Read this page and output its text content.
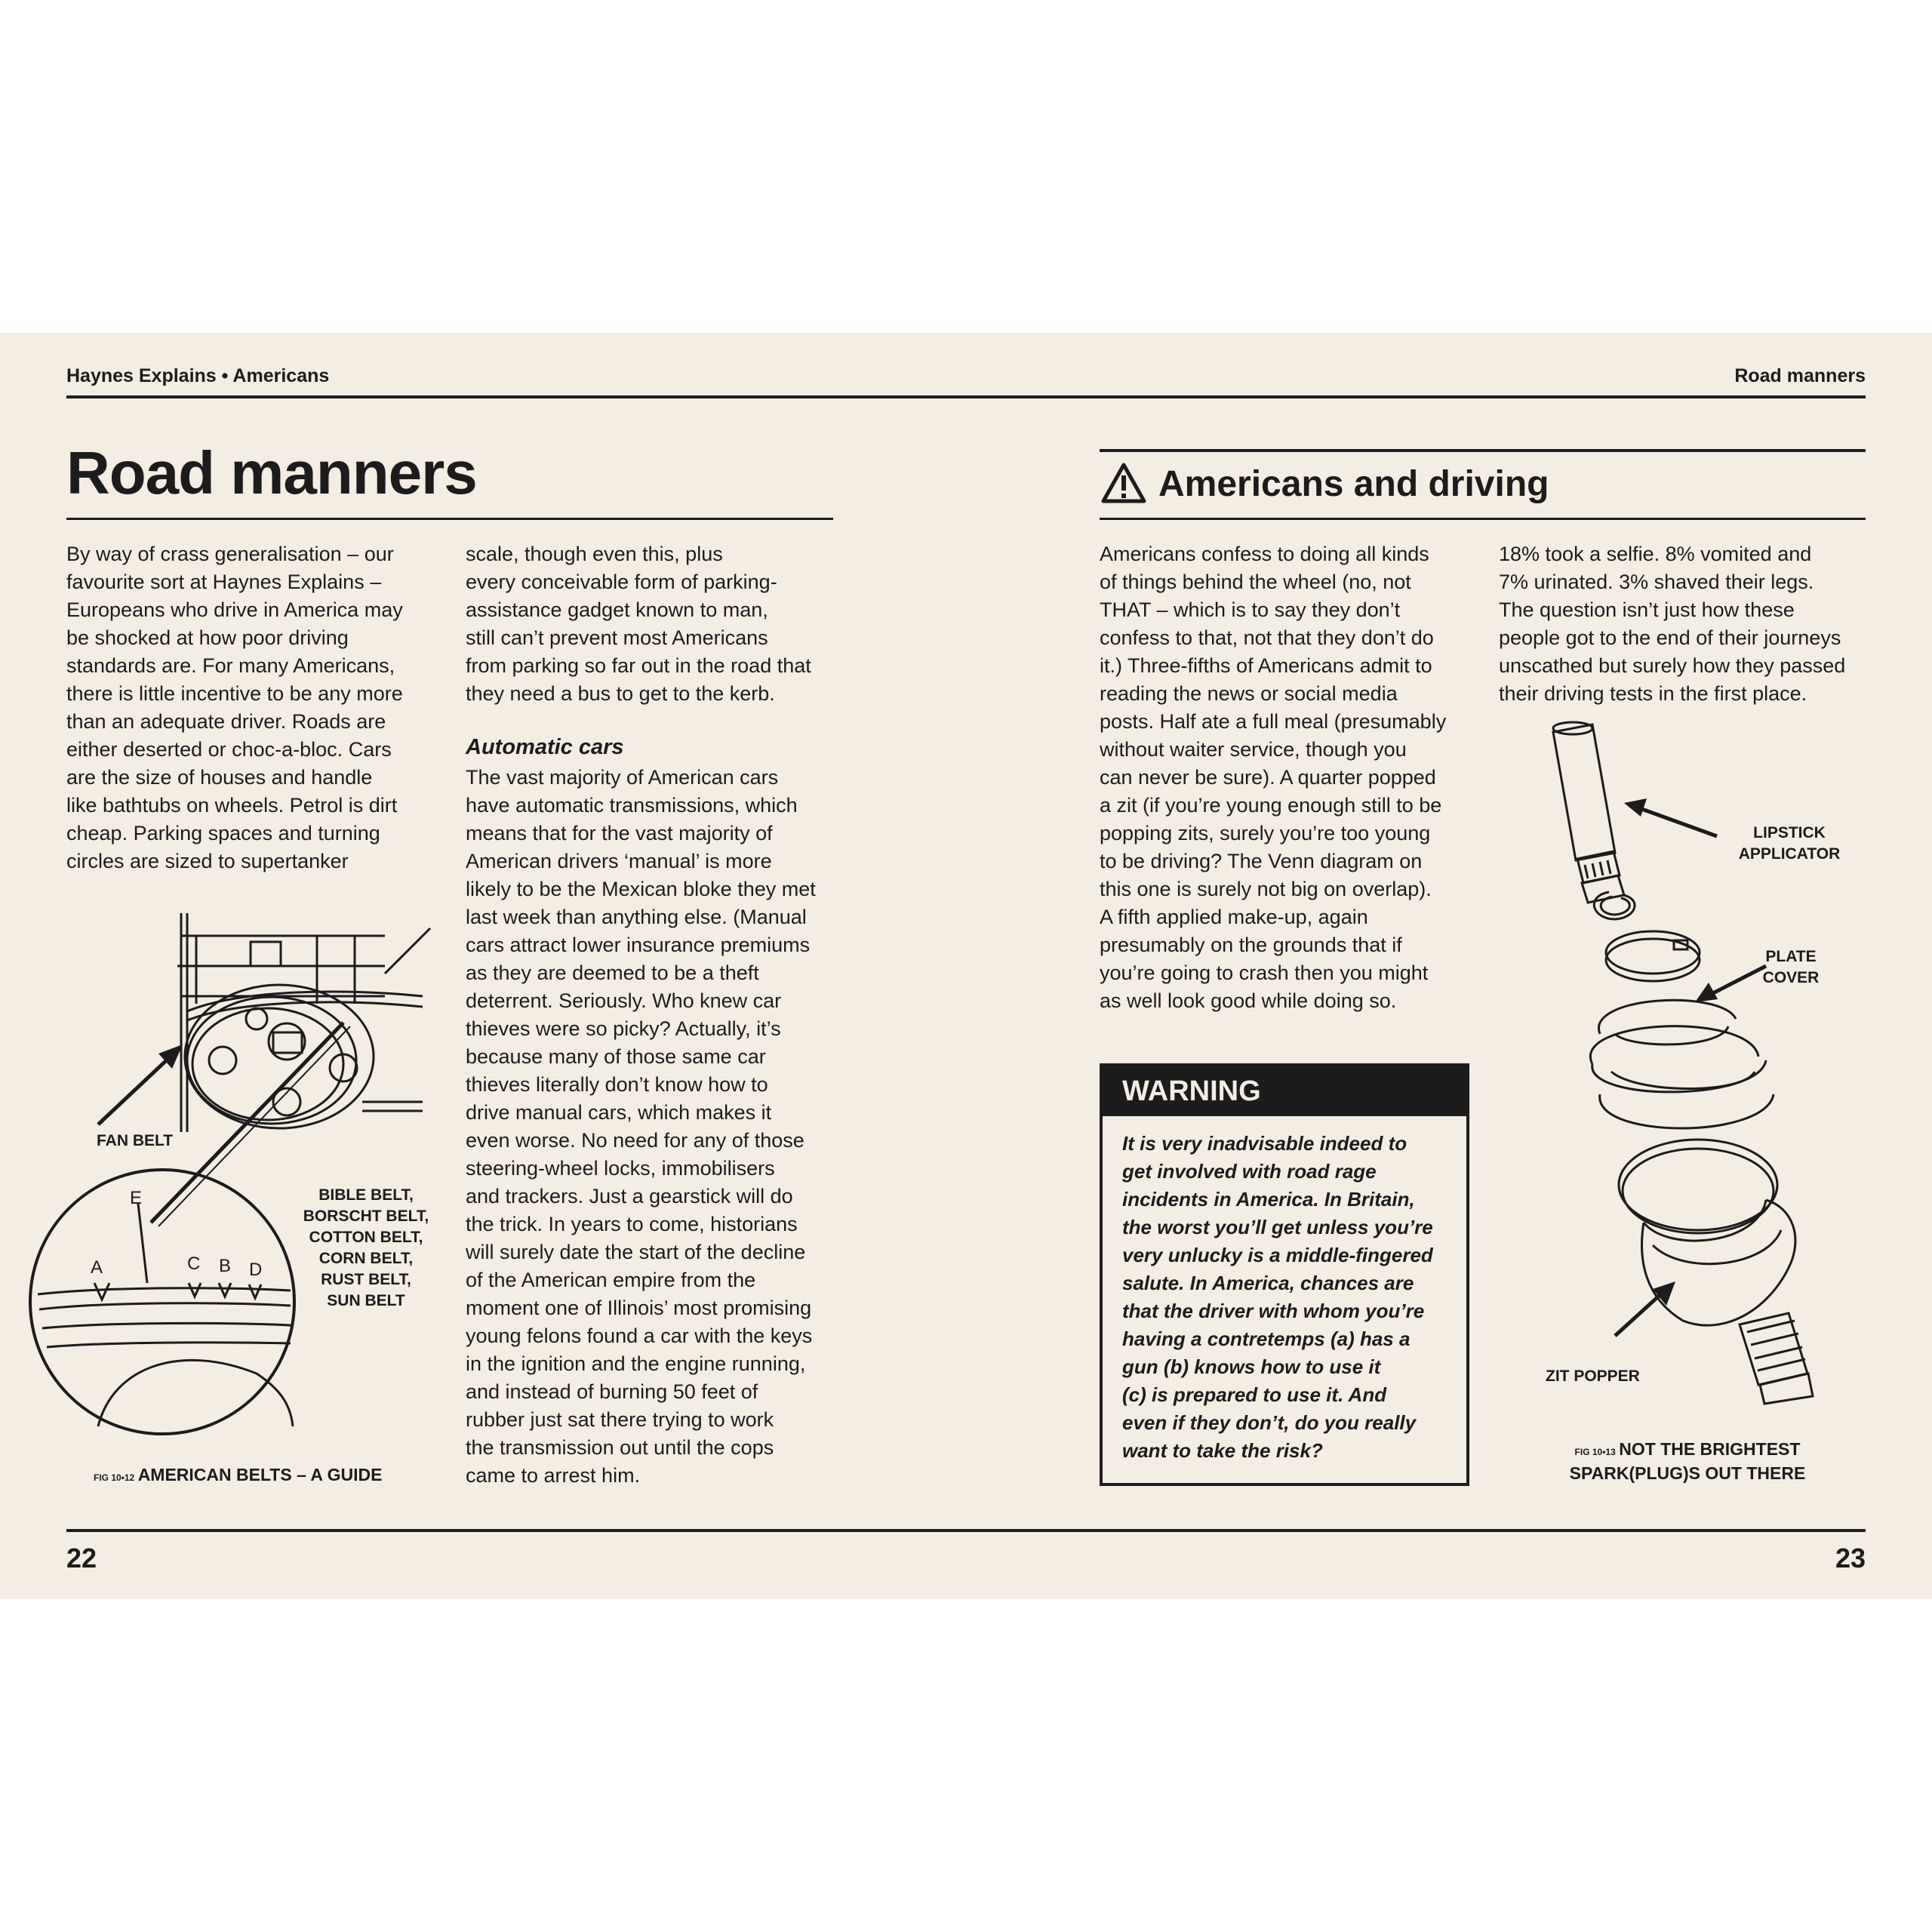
Haynes Explains • Americans	Road manners
Road manners
By way of crass generalisation – our
favourite sort at Haynes Explains –
Europeans who drive in America may
be shocked at how poor driving
standards are. For many Americans,
there is little incentive to be any more
than an adequate driver. Roads are
either deserted or choc-a-bloc. Cars
are the size of houses and handle
like bathtubs on wheels. Petrol is dirt
cheap. Parking spaces and turning
circles are sized to supertanker
scale, though even this, plus
every conceivable form of parking-
assistance gadget known to man,
still can’t prevent most Americans
from parking so far out in the road that
they need a bus to get to the kerb.
Automatic cars
The vast majority of American cars
have automatic transmissions, which
means that for the vast majority of
American drivers ‘manual’ is more
likely to be the Mexican bloke they met
last week than anything else. (Manual
cars attract lower insurance premiums
as they are deemed to be a theft
deterrent. Seriously. Who knew car
thieves were so picky? Actually, it’s
because many of those same car
thieves literally don’t know how to
drive manual cars, which makes it
even worse. No need for any of those
steering-wheel locks, immobilisers
and trackers. Just a gearstick will do
the trick. In years to come, historians
will surely date the start of the decline
of the American empire from the
moment one of Illinois’ most promising
young felons found a car with the keys
in the ignition and the engine running,
and instead of burning 50 feet of
rubber just sat there trying to work
the transmission out until the cops
came to arrest him.
E
A	C B D
FAN BELT
BIBLE BELT,
BORSCHT BELT,
COTTON BELT,
CORN BELT,
RUST BELT,
SUN BELT
FIG 10•12 AMERICAN BELTS – A GUIDE
Americans and driving
Americans confess to doing all kinds
of things behind the wheel (no, not
THAT – which is to say they don’t
confess to that, not that they don’t do
it.) Three-fifths of Americans admit to
reading the news or social media
posts. Half ate a full meal (presumably
without waiter service, though you
can never be sure). A quarter popped
a zit (if you’re young enough still to be
popping zits, surely you’re too young
to be driving? The Venn diagram on
this one is surely not big on overlap).
A fifth applied make-up, again
presumably on the grounds that if
you’re going to crash then you might
as well look good while doing so.
18% took a selfie. 8% vomited and
7% urinated. 3% shaved their legs.
The question isn’t just how these
people got to the end of their journeys
unscathed but surely how they passed
their driving tests in the first place.
WARNING
It is very inadvisable indeed to
get involved with road rage
incidents in America. In Britain,
the worst you’ll get unless you’re
very unlucky is a middle-fingered
salute. In America, chances are
that the driver with whom you’re
having a contretemps (a) has a
gun (b) knows how to use it
(c) is prepared to use it. And
even if they don’t, do you really
want to take the risk?
LIPSTICK
APPLICATOR
PLATE
COVER
ZIT POPPER
FIG 10•13 NOT THE BRIGHTEST
SPARK(PLUG)S OUT THERE
22	23
